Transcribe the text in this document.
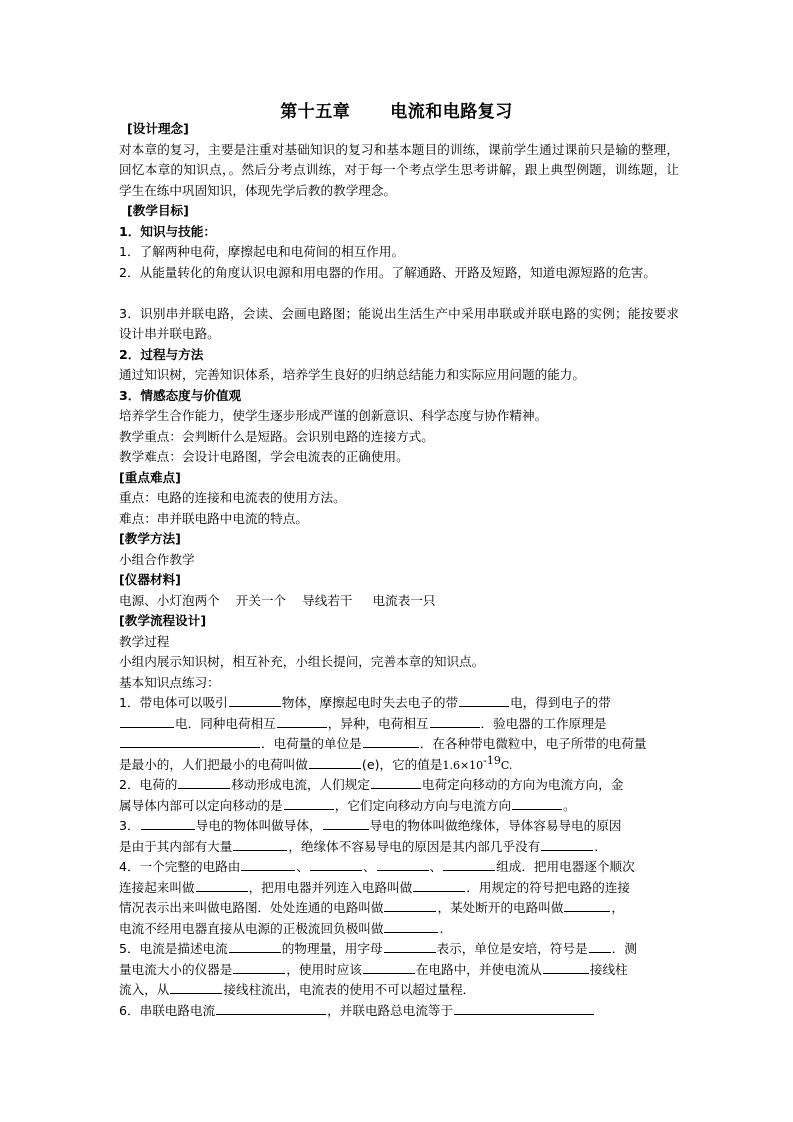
第十五章 电流和电路复习
[设计理念]
对本章的复习，主要是注重对基础知识的复习和基本题目的训练，课前学生通过课前只是输的整理，回忆本章的知识点，。然后分考点训练，对于每一个考点学生思考讲解，跟上典型例题，训练题，让学生在练中巩固知识，体现先学后教的教学理念。
[教学目标]
1．知识与技能：
1．了解两种电荷，摩擦起电和电荷间的相互作用。
2．从能量转化的角度认识电源和用电器的作用。了解通路、开路及短路，知道电源短路的危害。
3．识别串并联电路，会读、会画电路图；能说出生活生产中采用串联或并联电路的实例；能按要求设计串并联电路。
2．过程与方法
通过知识树，完善知识体系，培养学生良好的归纳总结能力和实际应用问题的能力。
3．情感态度与价值观
培养学生合作能力，使学生逐步形成严谨的创新意识、科学态度与协作精神。
教学重点：会判断什么是短路。会识别电路的连接方式。
教学难点：会设计电路图，学会电流表的正确使用。
[重点难点]
重点：电路的连接和电流表的使用方法。
难点：串并联电路中电流的特点。
[教学方法]
小组合作教学
[仪器材料]
电源、小灯泡两个    开关一个    导线若干     电流表一只
[教学流程设计]
教学过程
小组内展示知识树，相互补充，小组长提问，完善本章的知识点。
基本知识点练习：
1．带电体可以吸引	物体，摩擦起电时失去电子的带	电，得到电子的带
电．同种电荷相互	，异种，电荷相互	．验电器的工作原理是
．电荷量的单位是	．在各种带电微粒中，电子所带的电荷量
是最小的，人们把最小的电荷叫做	(e)，它的值是$1.6\times 10^{-19}C$.
2．电荷的	移动形成电流，人们规定	电荷定向移动的方向为电流方向，金
属导体内部可以定向移动的是	，它们定向移动方向与电流方向	。
3．	导电的物体叫做导体，	导电的物体叫做绝缘体，导体容易导电的原因
是由于其内部有大量	，绝缘体不容易导电的原因是其内部几乎没有	.
4．一个完整的电路由	、	、	、	组成．把用电器逐个顺次
连接起来叫做	，把用电器并列连入电路叫做	．用规定的符号把电路的连接
情况表示出来叫做电路图．处处连通的电路叫做	，某处断开的电路叫做	，
电流不经用电器直接从电源的正极流回负极叫做	.
5．电流是描述电流	的物理量，用字母	表示，单位是安培，符号是 ．测
量电流大小的仪器是	，使用时应该	在电路中，并使电流从	接线柱
流入，从	接线柱流出，电流表的使用不可以超过量程．
6．串联电路电流	，并联电路总电流等于
